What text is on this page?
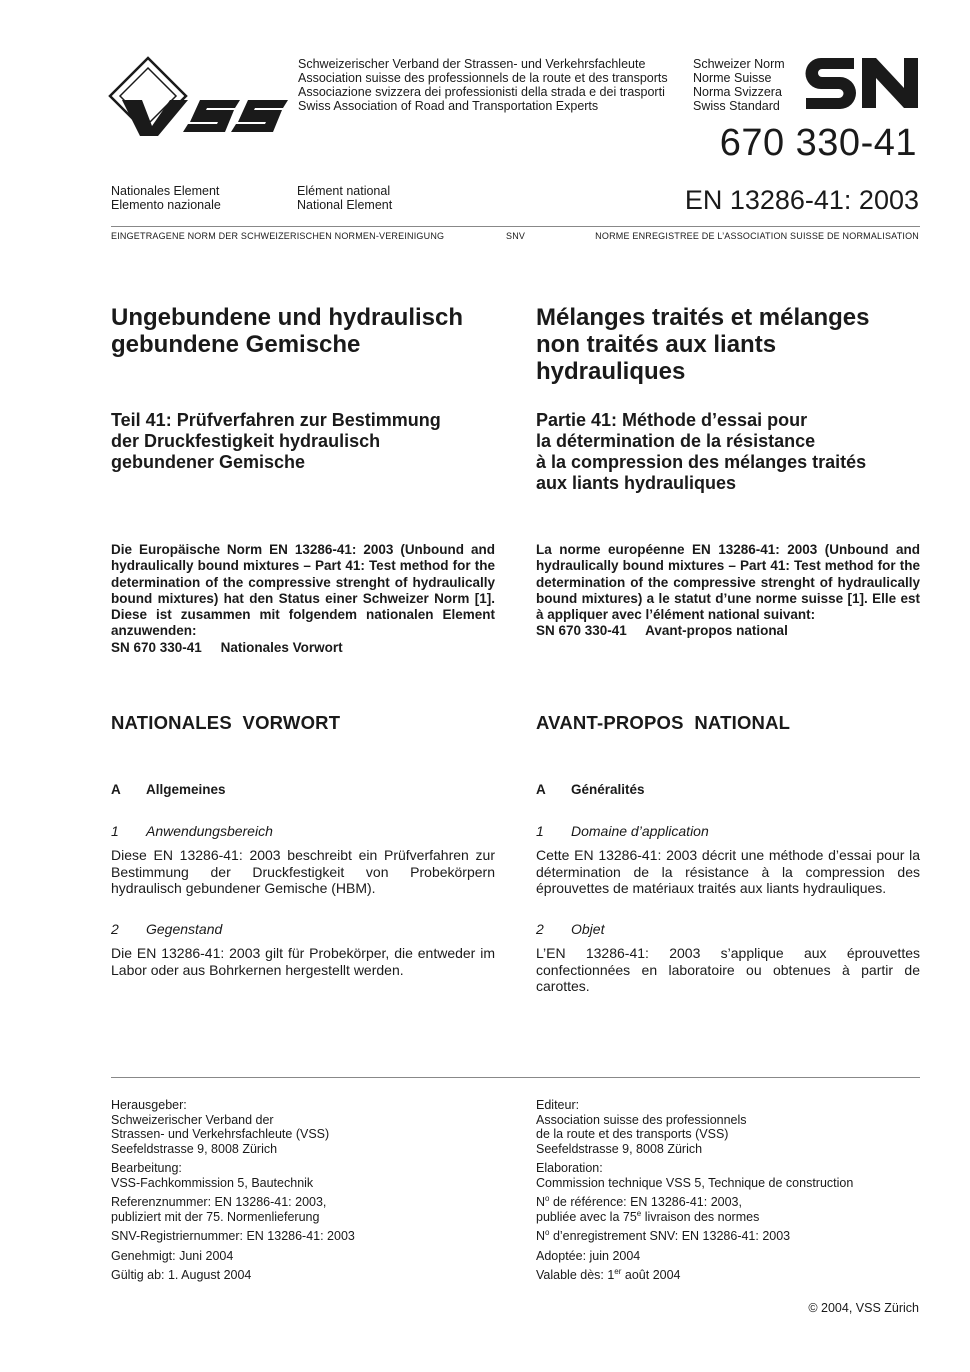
Schweizerischer Verband der Strassen- und Verkehrsfachleute
Association suisse des professionnels de la route et des transports
Associazione svizzera dei professionisti della strada e dei trasporti
Swiss Association of Road and Transportation Experts
Schweizer Norm
Norme Suisse
Norma Svizzera
Swiss Standard
670 330-41
Nationales Element
Elemento nazionale
Elément national
National Element	EN 13286-41: 2003
EINGETRAGENE NORM DER SCHWEIZERISCHEN NORMEN-VEREINIGUNG	SNV	NORME ENREGISTREE DE L’ASSOCIATION SUISSE DE NORMALISATION
Ungebundene und hydraulisch
gebundene Gemische
Teil 41: Prüfverfahren zur Bestimmung
der Druckfestigkeit hydraulisch
gebundener Gemische
Die Europäische Norm EN 13286-41: 2003 (Unbound and hydraulically bound mixtures – Part 41: Test method for the determination of the compressive strenght of hydraulically bound mixtures) hat den Status einer Schweizer Norm [1]. Diese ist zusammen mit folgendem nationalen Element anzuwenden:
SN 670 330-41     Nationales Vorwort
NATIONALES  VORWORT
A Allgemeines
1 Anwendungsbereich
Diese EN 13286-41: 2003 beschreibt ein Prüfverfahren zur Bestimmung der Druckfestigkeit von Probekörpern hydraulisch gebundener Gemische (HBM).
2 Gegenstand
Die EN 13286-41: 2003 gilt für Probekörper, die entweder im Labor oder aus Bohrkernen hergestellt werden.
Mélanges traités et mélanges
non traités aux liants
hydrauliques
Partie 41: Méthode d’essai pour
la détermination de la résistance
à la compression des mélanges traités
aux liants hydrauliques
La norme européenne EN 13286-41: 2003 (Unbound and hydraulically bound mixtures – Part 41: Test method for the determination of the compressive strenght of hydraulically bound mixtures) a le statut d’une norme suisse [1]. Elle est à appliquer avec l’élément national suivant:
SN 670 330-41     Avant-propos national
AVANT-PROPOS  NATIONAL
A Généralités
1 Domaine d’application
Cette EN 13286-41: 2003 décrit une méthode d’essai pour la détermination de la résistance à la compression des éprouvettes de matériaux traités aux liants hydrauliques.
2 Objet
L’EN 13286-41: 2003 s’applique aux éprouvettes confectionnées en laboratoire ou obtenues à partir de carottes.
Herausgeber:
Schweizerischer Verband der
Strassen- und Verkehrsfachleute (VSS)
Seefeldstrasse 9, 8008 Zürich
Bearbeitung:
VSS-Fachkommission 5, Bautechnik
Referenznummer: EN 13286-41: 2003,
publiziert mit der 75. Normenlieferung
SNV-Registriernummer: EN 13286-41: 2003
Genehmigt: Juni 2004
Gültig ab: 1. August 2004
Editeur:
Association suisse des professionnels
de la route et des transports (VSS)
Seefeldstrasse 9, 8008 Zürich
Elaboration:
Commission technique VSS 5, Technique de construction
$N^o$ de référence: EN 13286-41: 2003,
publiée avec la 75e livraison des normes
$N^o$ d’enregistrement SNV: EN 13286-41: 2003
Adoptée: juin 2004
Valable dès: 1er août 2004
© 2004, VSS Zürich
